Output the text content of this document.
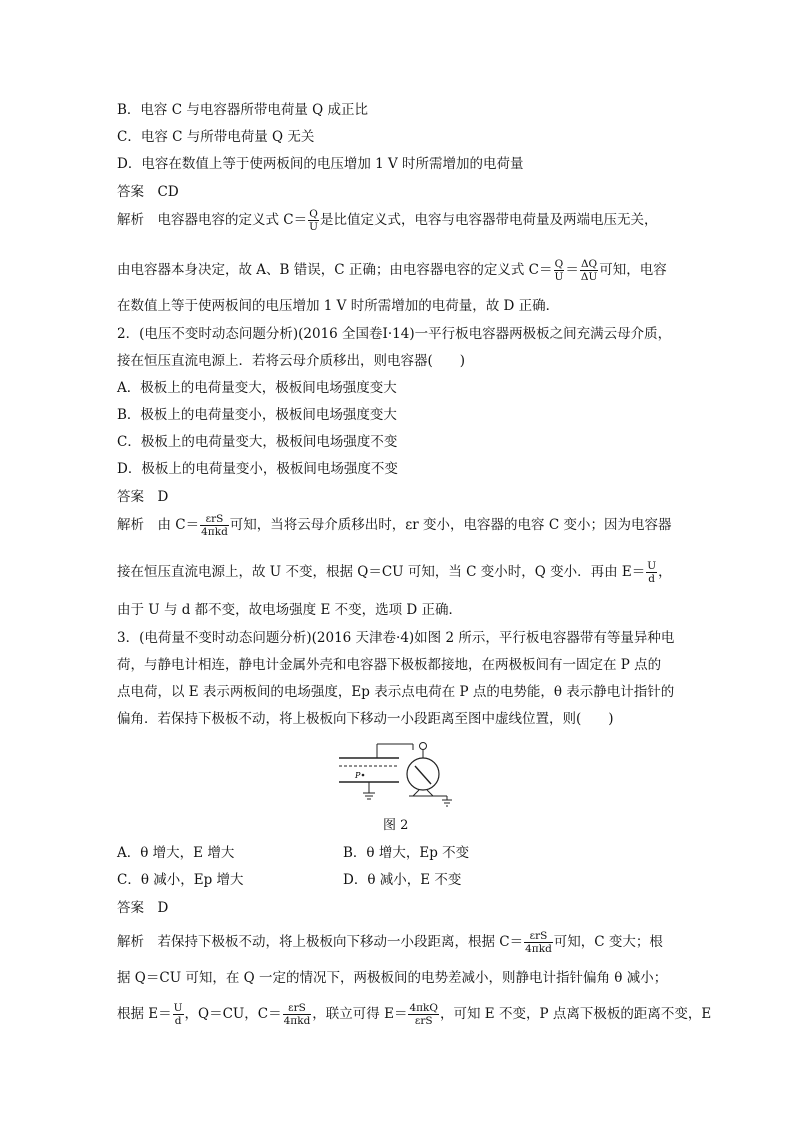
B．电容 C 与电容器所带电荷量 Q 成正比
C．电容 C 与所带电荷量 Q 无关
D．电容在数值上等于使两板间的电压增加 1 V 时所需增加的电荷量
答案　CD
解析　电容器电容的定义式 $C= \frac{Q}{U}$ 是比值定义式，电容与电容器带电荷量及两端电压无关，
由电容器本身决定，故 A、B 错误，C 正确；由电容器电容的定义式 $C= \frac{Q}{U} = \frac{\Delta Q}{\Delta U}$ 可知，电容
在数值上等于使两板间的电压增加 1 V 时所需增加的电荷量，故 D 正确．
2．(电压不变时动态问题分析)(2016 全国卷Ⅰ·14)一平行板电容器两极板之间充满云母介质，
接在恒压直流电源上．若将云母介质移出，则电容器(　　)
A．极板上的电荷量变大，极板间电场强度变大
B．极板上的电荷量变小，极板间电场强度变大
C．极板上的电荷量变大，极板间电场强度不变
D．极板上的电荷量变小，极板间电场强度不变
答案　D
解析　由 $C= \frac{\text{εrS}}{\text{4πkd}}$ 可知，当将云母介质移出时，εr 变小，电容器的电容 C 变小；因为电容器
接在恒压直流电源上，故 U 不变，根据 Q＝CU 可知，当 C 变小时，Q 变小．再由 $E= \frac{U}{d}$ ，
由于 U 与 d 都不变，故电场强度 E 不变，选项 D 正确．
3．(电荷量不变时动态问题分析)(2016 天津卷·4)如图 2 所示，平行板电容器带有等量异种电
荷，与静电计相连，静电计金属外壳和电容器下极板都接地，在两极板间有一固定在 P 点的
点电荷，以 E 表示两板间的电场强度，Ep 表示点电荷在 P 点的电势能，θ 表示静电计指针的
偏角．若保持下极板不动，将上极板向下移动一小段距离至图中虚线位置，则(　　)
P
图 2
A．θ 增大，E 增大	B．θ 增大，Ep 不变
C．θ 减小，Ep 增大	D．θ 减小，E 不变
答案　D
解析　若保持下极板不动，将上极板向下移动一小段距离，根据 $C= \frac{\text{εrS}}{\text{4πkd}}$ 可知，C 变大；根
据 Q＝CU 可知，在 Q 一定的情况下，两极板间的电势差减小，则静电计指针偏角 θ 减小；
根据 $E= \frac{U}{d}$ ，Q＝CU，$C= \frac{\text{εrS}}{\text{4πkd}}$ ，联立可得 $E= \frac{\text{4πkQ}}{\text{εrS}}$ ，可知 E 不变，P 点离下极板的距离不变，E
